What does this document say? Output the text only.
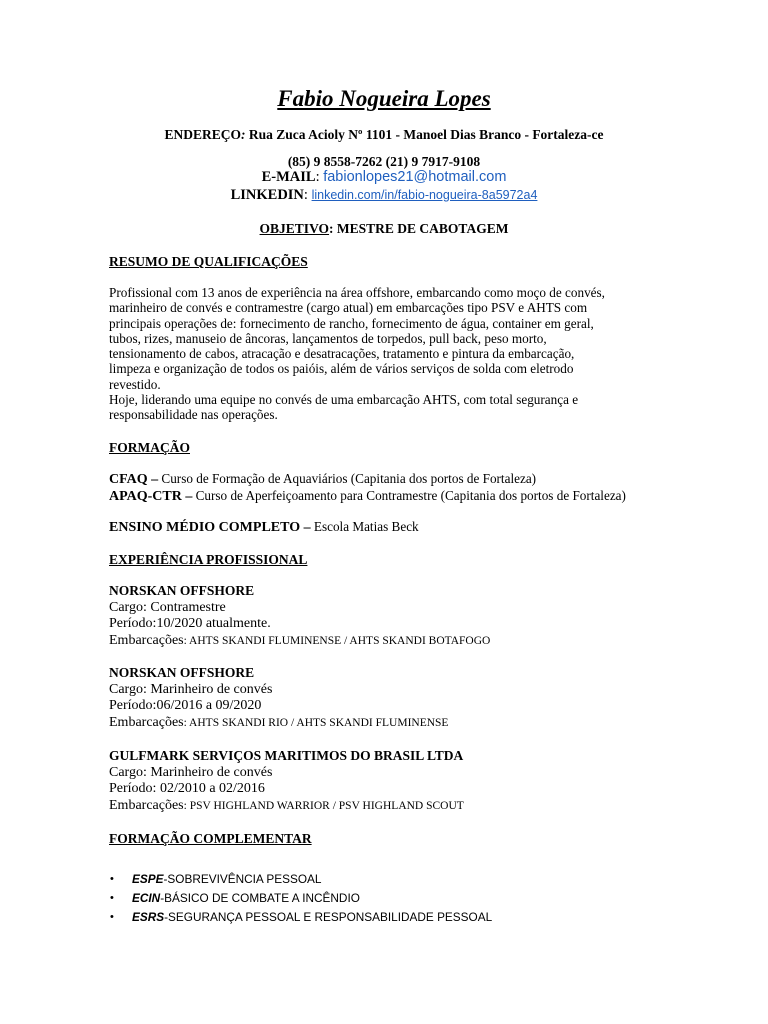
Fabio Nogueira Lopes
ENDEREÇO: Rua Zuca Acioly Nº 1101 - Manoel Dias Branco - Fortaleza-ce
(85) 9 8558-7262 (21) 9 7917-9108
E-MAIL: fabionlopes21@hotmail.com
LINKEDIN: linkedin.com/in/fabio-nogueira-8a5972a4
OBJETIVO: MESTRE DE CABOTAGEM
RESUMO DE QUALIFICAÇÕES
Profissional com 13 anos de experiência na área offshore, embarcando como moço de convés,
marinheiro de convés e contramestre (cargo atual) em embarcações tipo PSV e AHTS com
principais operações de: fornecimento de rancho, fornecimento de água, container em geral,
tubos, rizes, manuseio de âncoras, lançamentos de torpedos, pull back, peso morto,
tensionamento de cabos, atracação e desatracações, tratamento e pintura da embarcação,
limpeza e organização de todos os paióis, além de vários serviços de solda com eletrodo
revestido.
Hoje, liderando uma equipe no convés de uma embarcação AHTS, com total segurança e
responsabilidade nas operações.
FORMAÇÃO
CFAQ – Curso de Formação de Aquaviários (Capitania dos portos de Fortaleza)
APAQ-CTR – Curso de Aperfeiçoamento para Contramestre (Capitania dos portos de Fortaleza)
ENSINO MÉDIO COMPLETO – Escola Matias Beck
EXPERIÊNCIA PROFISSIONAL
NORSKAN OFFSHORE
Cargo: Contramestre
Período:10/2020 atualmente.
Embarcações: AHTS SKANDI FLUMINENSE / AHTS SKANDI BOTAFOGO
NORSKAN OFFSHORE
Cargo: Marinheiro de convés
Período:06/2016 a 09/2020
Embarcações: AHTS SKANDI RIO / AHTS SKANDI FLUMINENSE
GULFMARK SERVIÇOS MARITIMOS DO BRASIL LTDA
Cargo: Marinheiro de convés
Período: 02/2010 a 02/2016
Embarcações: PSV HIGHLAND WARRIOR / PSV HIGHLAND SCOUT
FORMAÇÃO COMPLEMENTAR
• ESPE-SOBREVIVÊNCIA PESSOAL
• ECIN-BÁSICO DE COMBATE A INCÊNDIO
• ESRS-SEGURANÇA PESSOAL E RESPONSABILIDADE PESSOAL
